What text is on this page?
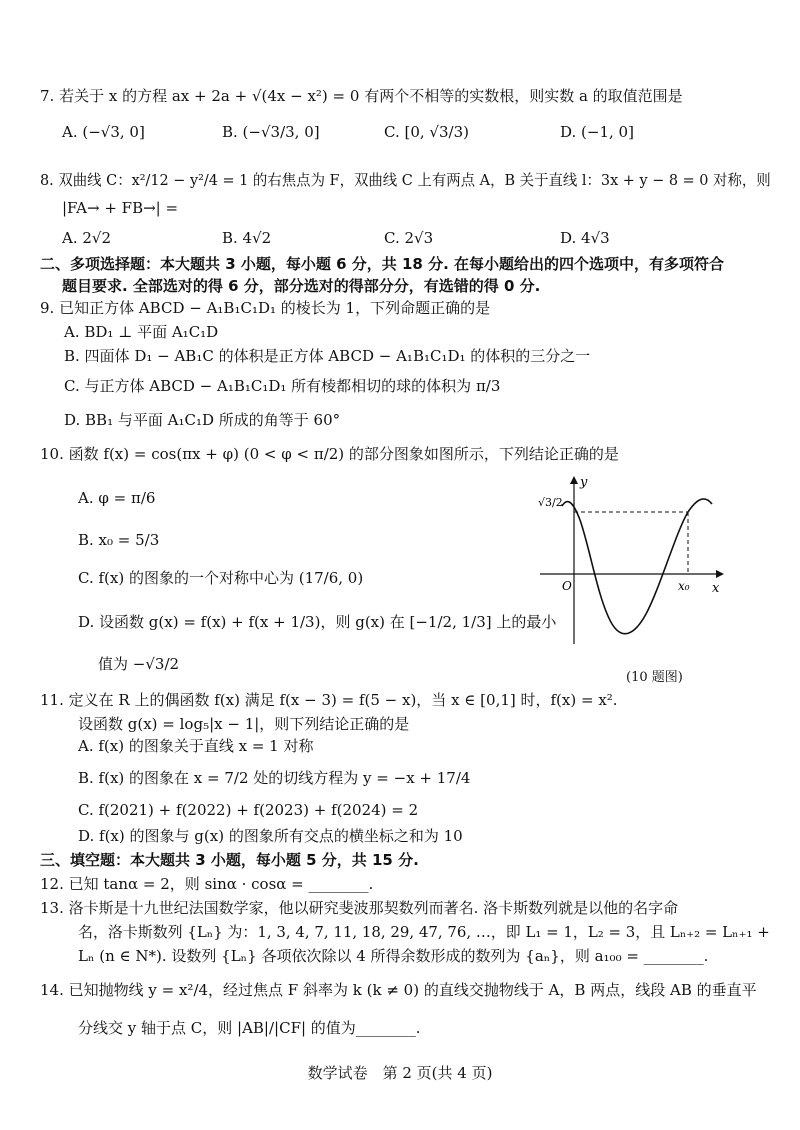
7. 若关于 x 的方程 ax + 2a + √(4x − x²) = 0 有两个不相等的实数根，则实数 a 的取值范围是
A. (−√3, 0]	B. (−√3/3, 0]	C. [0, √3/3)	D. (−1, 0]
8. 双曲线 C：x²/12 − y²/4 = 1 的右焦点为 F，双曲线 C 上有两点 A，B 关于直线 l：3x + y − 8 = 0 对称，则
|FA→ + FB→| =
A. 2√2	B. 4√2	C. 2√3	D. 4√3
二、多项选择题：本大题共 3 小题，每小题 6 分，共 18 分. 在每小题给出的四个选项中，有多项符合
题目要求. 全部选对的得 6 分，部分选对的得部分分，有选错的得 0 分.
9. 已知正方体 ABCD − A₁B₁C₁D₁ 的棱长为 1，下列命题正确的是
A. BD₁ ⊥ 平面 A₁C₁D
B. 四面体 D₁ − AB₁C 的体积是正方体 ABCD − A₁B₁C₁D₁ 的体积的三分之一
C. 与正方体 ABCD − A₁B₁C₁D₁ 所有棱都相切的球的体积为 π/3
D. BB₁ 与平面 A₁C₁D 所成的角等于 60°
10. 函数 f(x) = cos(πx + φ) (0 < φ < π/2) 的部分图象如图所示，下列结论正确的是
A. φ = π/6
B. x₀ = 5/3
C. f(x) 的图象的一个对称中心为 (17/6, 0)
D. 设函数 g(x) = f(x) + f(x + 1/3)，则 g(x) 在 [−1/2, 1/3] 上的最小
值为 −√3/2
y
x
O	x₀
√3/2
(10 题图)
11. 定义在 R 上的偶函数 f(x) 满足 f(x − 3) = f(5 − x)，当 x ∈ [0,1] 时，f(x) = x².
设函数 g(x) = log₅|x − 1|，则下列结论正确的是
A. f(x) 的图象关于直线 x = 1 对称
B. f(x) 的图象在 x = 7/2 处的切线方程为 y = −x + 17/4
C. f(2021) + f(2022) + f(2023) + f(2024) = 2
D. f(x) 的图象与 g(x) 的图象所有交点的横坐标之和为 10
三、填空题：本大题共 3 小题，每小题 5 分，共 15 分.
12. 已知 tanα = 2，则 sinα · cosα = ________.
13. 洛卡斯是十九世纪法国数学家，他以研究斐波那契数列而著名. 洛卡斯数列就是以他的名字命
名，洛卡斯数列 {Lₙ} 为：1, 3, 4, 7, 11, 18, 29, 47, 76, …，即 L₁ = 1，L₂ = 3，且 Lₙ₊₂ = Lₙ₊₁ +
Lₙ (n ∈ N*). 设数列 {Lₙ} 各项依次除以 4 所得余数形成的数列为 {aₙ}，则 a₁₀₀ = ________.
14. 已知抛物线 y = x²/4，经过焦点 F 斜率为 k (k ≠ 0) 的直线交抛物线于 A，B 两点，线段 AB 的垂直平
分线交 y 轴于点 C，则 |AB|/|CF| 的值为________.
数学试卷　第 2 页(共 4 页)
